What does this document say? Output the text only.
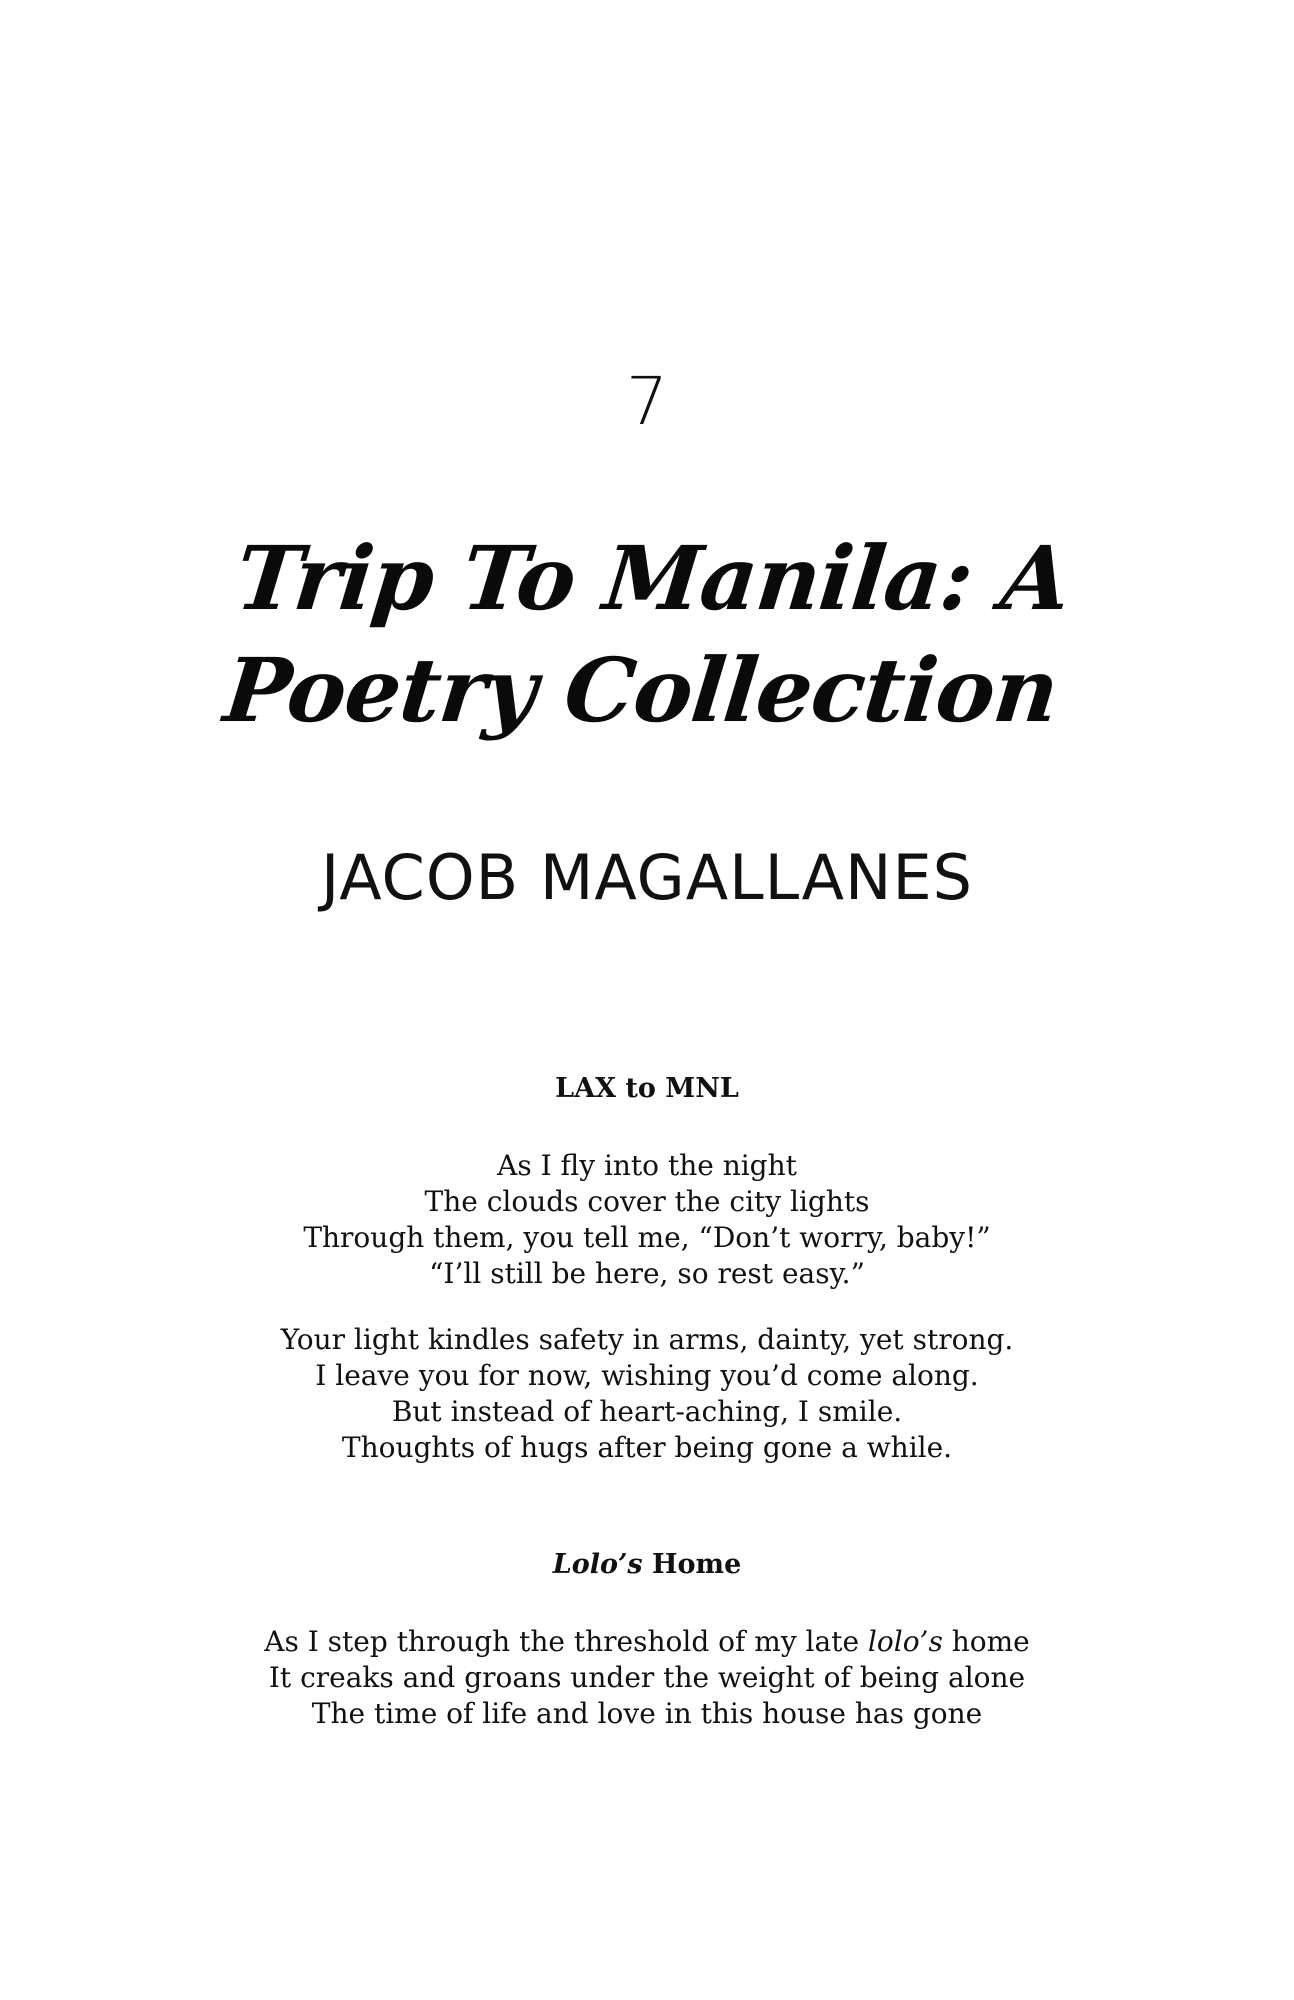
7
Trip To Manila: A
Poetry Collection
JACOB MAGALLANES
LAX to MNL
As I fly into the night
The clouds cover the city lights
Through them, you tell me, “Don’t worry, baby!”
“I’ll still be here, so rest easy.”
Your light kindles safety in arms, dainty, yet strong.
I leave you for now, wishing you’d come along.
But instead of heart-aching, I smile.
Thoughts of hugs after being gone a while.
Lolo’s Home
As I step through the threshold of my late lolo’s home
It creaks and groans under the weight of being alone
The time of life and love in this house has gone
